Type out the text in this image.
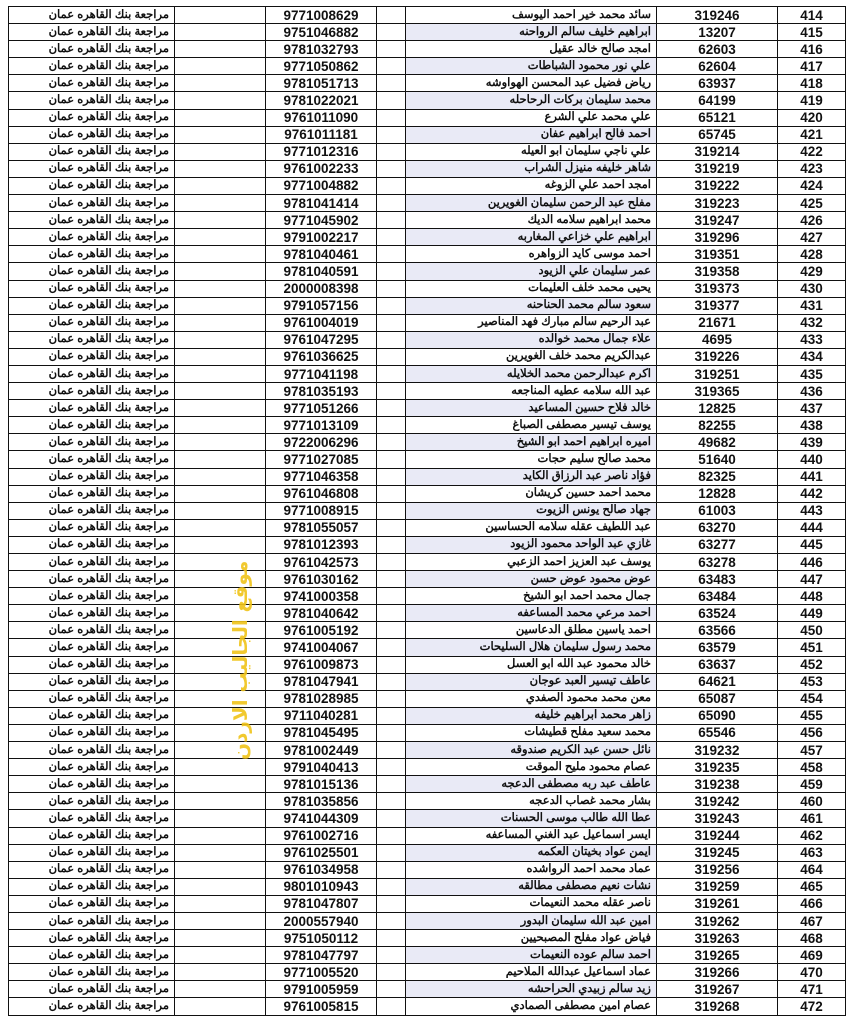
مراجعة بنك القاهره عمان		9771008629		سائد محمد خير احمد اليوسف	319246	414
مراجعة بنك القاهره عمان		9751046882		ابراهيم خليف سالم الرواحنه	13207	415
مراجعة بنك القاهره عمان		9781032793		امجد صالح خالد عقيل	62603	416
مراجعة بنك القاهره عمان		9771050862		علي نور محمود الشباطات	62604	417
مراجعة بنك القاهره عمان		9781051713		رياض فضيل عبد المحسن الهواوشه	63937	418
مراجعة بنك القاهره عمان		9781022021		محمد سليمان بركات الرحاحله	64199	419
مراجعة بنك القاهره عمان		9761011090		علي محمد علي الشرع	65121	420
مراجعة بنك القاهره عمان		9761011181		احمد فالح ابراهيم عفان	65745	421
مراجعة بنك القاهره عمان		9771012316		علي ناجي سليمان ابو العيله	319214	422
مراجعة بنك القاهره عمان		9761002233		شاهر خليفه منيزل الشراب	319219	423
مراجعة بنك القاهره عمان		9771004882		امجد احمد علي الزوغه	319222	424
مراجعة بنك القاهره عمان		9781041414		مفلح عبد الرحمن سليمان الغويرين	319223	425
مراجعة بنك القاهره عمان		9771045902		محمد ابراهيم سلامه الديك	319247	426
مراجعة بنك القاهره عمان		9791002217		ابراهيم علي خزاعي المغاربه	319296	427
مراجعة بنك القاهره عمان		9781040461		احمد موسى كايد الزواهره	319351	428
مراجعة بنك القاهره عمان		9781040591		عمر سليمان علي الزيود	319358	429
مراجعة بنك القاهره عمان		2000008398		يحيى محمد خلف العليمات	319373	430
مراجعة بنك القاهره عمان		9791057156		سعود سالم محمد الحناحنه	319377	431
مراجعة بنك القاهره عمان		9761004019		عبد الرحيم سالم مبارك فهد المناصير	21671	432
مراجعة بنك القاهره عمان		9761047295		علاء جمال محمد خوالده	4695	433
مراجعة بنك القاهره عمان		9761036625		عبدالكريم محمد خلف الغويرين	319226	434
مراجعة بنك القاهره عمان		9771041198		اكرم عبدالرحمن محمد الخلايله	319251	435
مراجعة بنك القاهره عمان		9781035193		عبد الله سلامه عطيه المناجعه	319365	436
مراجعة بنك القاهره عمان		9771051266		خالد فلاح حسين المساعيد	12825	437
مراجعة بنك القاهره عمان		9771013109		يوسف تيسير مصطفى الصباغ	82255	438
مراجعة بنك القاهره عمان		9722006296		اميره ابراهيم احمد ابو الشيخ	49682	439
مراجعة بنك القاهره عمان		9771027085		محمد صالح سليم حجات	51640	440
مراجعة بنك القاهره عمان		9771046358		فؤاد ناصر عبد الرزاق الكايد	82325	441
مراجعة بنك القاهره عمان		9761046808		محمد احمد حسين كريشان	12828	442
مراجعة بنك القاهره عمان		9771008915		جهاد صالح يونس الزيوت	61003	443
مراجعة بنك القاهره عمان		9781055057		عبد اللطيف عقله سلامه الحساسين	63270	444
مراجعة بنك القاهره عمان		9781012393		غازي عبد الواحد محمود الزيود	63277	445
مراجعة بنك القاهره عمان		9761042573		يوسف عبد العزيز احمد الزعبي	63278	446
مراجعة بنك القاهره عمان		9761030162		عوض محمود عوض حسن	63483	447
مراجعة بنك القاهره عمان		9741000358		جمال محمد احمد ابو الشيخ	63484	448
مراجعة بنك القاهره عمان		9781040642		احمد مرعي محمد المساعفه	63524	449
مراجعة بنك القاهره عمان		9761005192		احمد ياسين مطلق الدعاسين	63566	450
مراجعة بنك القاهره عمان		9741004067		محمد رسول سليمان هلال السليحات	63579	451
مراجعة بنك القاهره عمان		9761009873		خالد محمود عبد الله ابو العسل	63637	452
مراجعة بنك القاهره عمان		9781047941		عاطف تيسير العبد عوجان	64621	453
مراجعة بنك القاهره عمان		9781028985		معن محمد محمود الصفدي	65087	454
مراجعة بنك القاهره عمان		9711040281		زاهر محمد ابراهيم خليفه	65090	455
مراجعة بنك القاهره عمان		9781045495		محمد سعيد مفلح قطيشات	65546	456
مراجعة بنك القاهره عمان		9781002449		نائل حسن عبد الكريم صندوقه	319232	457
مراجعة بنك القاهره عمان		9791040413		عصام محمود مليح الموقت	319235	458
مراجعة بنك القاهره عمان		9781015136		عاطف عبد ربه مصطفى الدعجه	319238	459
مراجعة بنك القاهره عمان		9781035856		بشار محمد غصاب الدعجه	319242	460
مراجعة بنك القاهره عمان		9741044309		عطا الله طالب موسى الحسنات	319243	461
مراجعة بنك القاهره عمان		9761002716		ايسر اسماعيل عبد الغني المساعفه	319244	462
مراجعة بنك القاهره عمان		9761025501		ايمن عواد بخيتان العكمه	319245	463
مراجعة بنك القاهره عمان		9761034958		عماد محمد احمد الرواشده	319256	464
مراجعة بنك القاهره عمان		9801010943		نشات نعيم مصطفى مطالقه	319259	465
مراجعة بنك القاهره عمان		9781047807		ناصر عقله محمد النعيمات	319261	466
مراجعة بنك القاهره عمان		2000557940		امين عبد الله سليمان البدور	319262	467
مراجعة بنك القاهره عمان		9751050112		فياض عواد مفلح المصبحيين	319263	468
مراجعة بنك القاهره عمان		9781047797		احمد سالم عوده النعيمات	319265	469
مراجعة بنك القاهره عمان		9771005520		عماد اسماعيل عبدالله الملاحيم	319266	470
مراجعة بنك القاهره عمان		9791005959		زيد سالم زبيدي الحراحشه	319267	471
مراجعة بنك القاهره عمان		9761005815		عصام امين مصطفى الصمادي	319268	472
موقع الجاليب الاردن
